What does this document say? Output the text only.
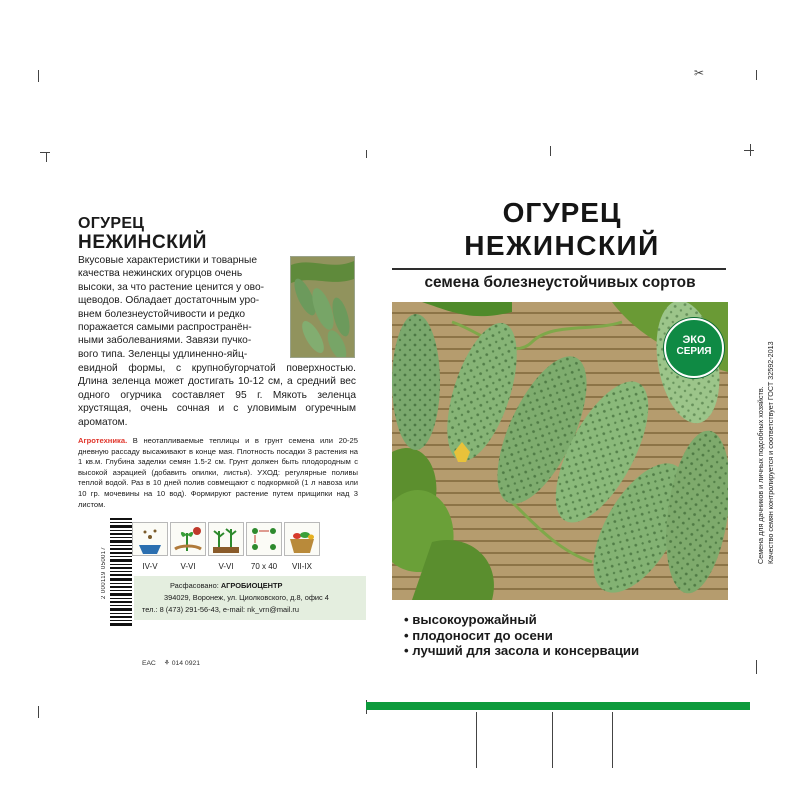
✂
ОГУРЕЦ
НЕЖИНСКИЙ
Вкусовые характеристики и товарные
качества нежинских огурцов очень
высоки, за что растение ценится у ово-
щеводов. Обладает достаточным уро-
внем болезнеустойчивости и редко
поражается самыми распространён-
ными заболеваниями. Завязи пучко-
вого типа. Зеленцы удлиненно-яйц-
евидной формы, с крупнобугорчатой поверхностью. Длина зеленца может достигать 10-12 см, а средний вес одного огурчика составляет 95 г. Мякоть зеленца хрустящая, очень сочная и с уловимым огуречным ароматом.
Агротехника. В неотапливаемые теплицы и в грунт семена или 20-25 дневную рассаду высаживают в конце мая. Плотность посадки 3 растения на 1 кв.м. Глубина заделки семян 1.5-2 см. Грунт должен быть плодородным с высокой аэрацией (добавить опилки, листья). УХОД: регулярные поливы теплой водой. Раз в 10 дней полив совмещают с подкормкой (1 л навоза или 10 гр. мочевины на 10 вод). Формируют растение путем прищипки над 3 листом.
2 000119 050017	IV-V	V-VI	V-VI	70 х 40	VII-IX
Расфасовано: АГРОБИОЦЕНТР
394029, Воронеж, ул. Циолковского, д.8, офис 4
тел.: 8 (473) 291-56-43, e-mail: nk_vrn@mail.ru
ЕАС ⚘ 014 0921
ОГУРЕЦ
НЕЖИНСКИЙ
семена болезнеустойчивых сортов
ЭКО
СЕРИЯ
• высокоурожайный
• плодоносит до осени
• лучший для засола и консервации
Семена для дачников и личных подсобных хозяйств. Качество семян контролируется и соответствует ГОСТ 32592-2013
